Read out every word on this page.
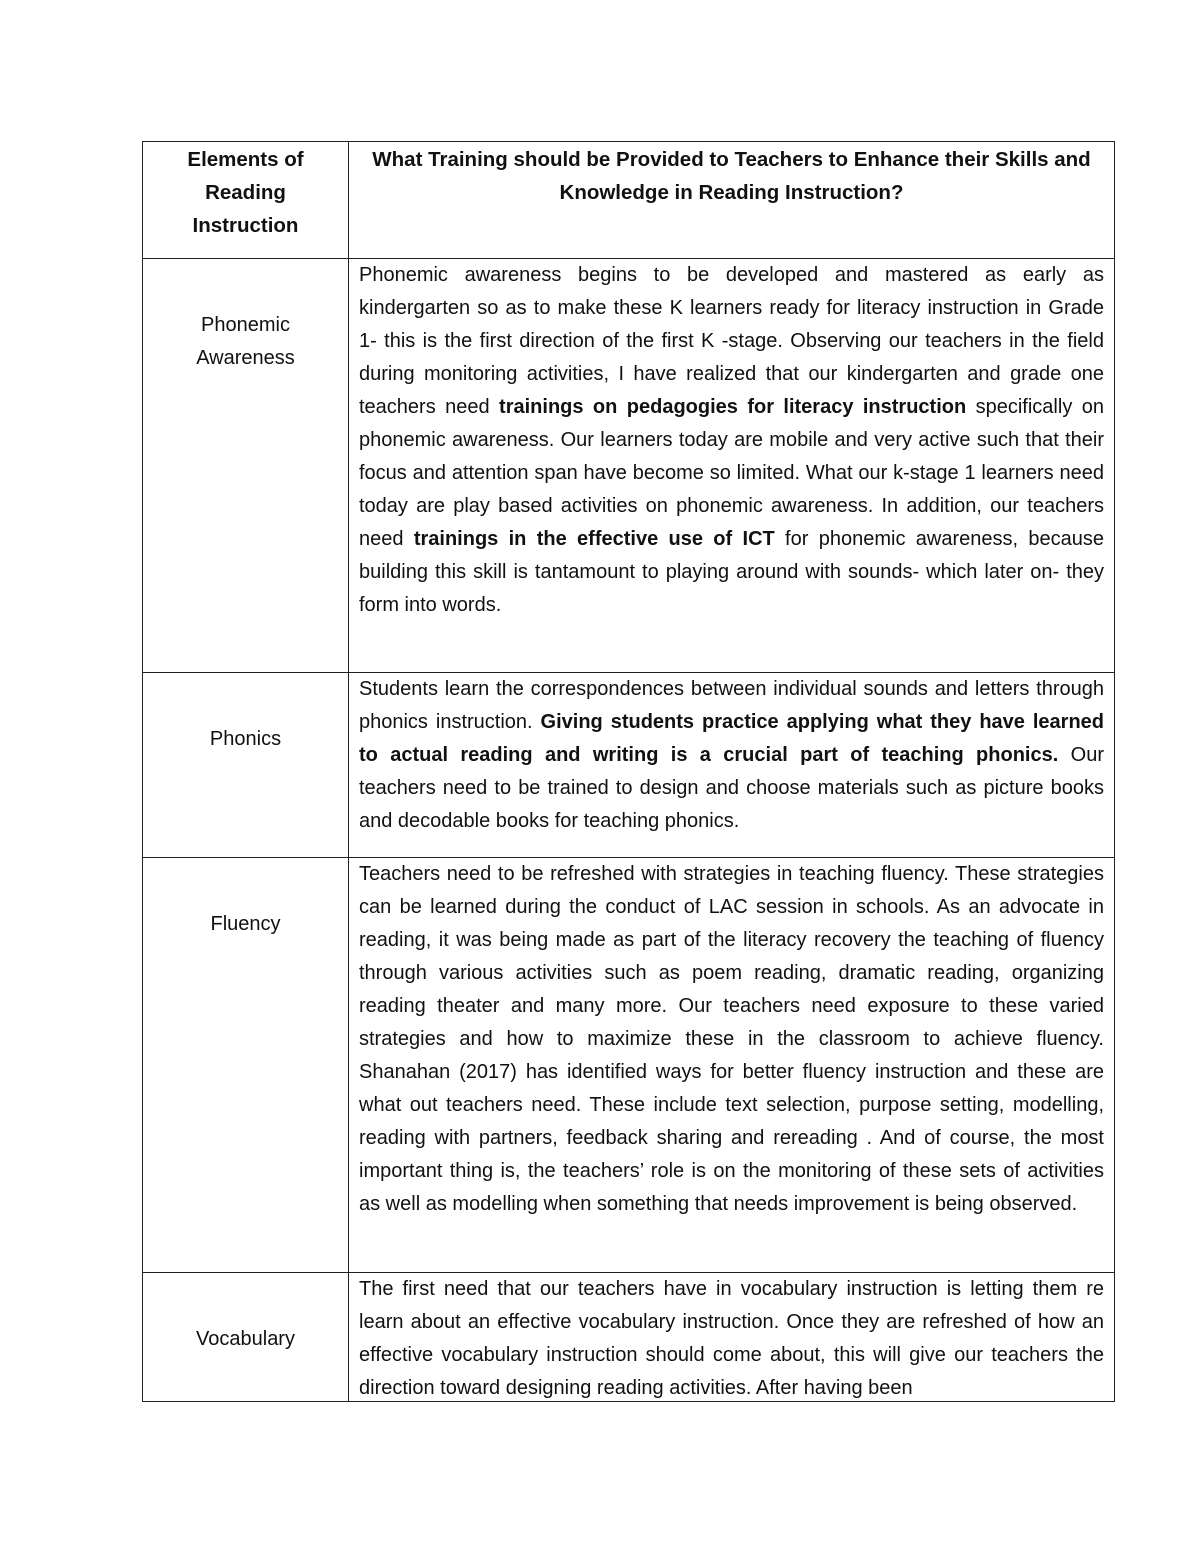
Elements of
Reading
Instruction	What Training should be Provided to Teachers to Enhance their Skills and Knowledge in Reading Instruction?

Phonemic
Awareness	Phonemic awareness begins to be developed and mastered as early as kindergarten so as to make these K learners ready for literacy instruction in Grade 1- this is the first direction of the first K -stage. Observing our teachers in the field during monitoring activities, I have realized that our kindergarten and grade one teachers need trainings on pedagogies for literacy instruction specifically on phonemic awareness. Our learners today are mobile and very active such that their focus and attention span have become so limited. What our k-stage 1 learners need today are play based activities on phonemic awareness. In addition, our teachers need trainings in the effective use of ICT for phonemic awareness, because building this skill is tantamount to playing around with sounds- which later on- they form into words.

Phonics	Students learn the correspondences between individual sounds and letters through phonics instruction. Giving students practice applying what they have learned to actual reading and writing is a crucial part of teaching phonics. Our teachers need to be trained to design and choose materials such as picture books and decodable books for teaching phonics.

Fluency	Teachers need to be refreshed with strategies in teaching fluency. These strategies can be learned during the conduct of LAC session in schools. As an advocate in reading, it was being made as part of the literacy recovery the teaching of fluency through various activities such as poem reading, dramatic reading, organizing reading theater and many more. Our teachers need exposure to these varied strategies and how to maximize these in the classroom to achieve fluency. Shanahan (2017) has identified ways for better fluency instruction and these are what out teachers need. These include text selection, purpose setting, modelling, reading with partners, feedback sharing and rereading . And of course, the most important thing is, the teachers’ role is on the monitoring of these sets of activities as well as modelling when something that needs improvement is being observed.

Vocabulary	The first need that our teachers have in vocabulary instruction is letting them re learn about an effective vocabulary instruction. Once they are refreshed of how an effective vocabulary instruction should come about, this will give our teachers the direction toward designing reading activities. After having been
